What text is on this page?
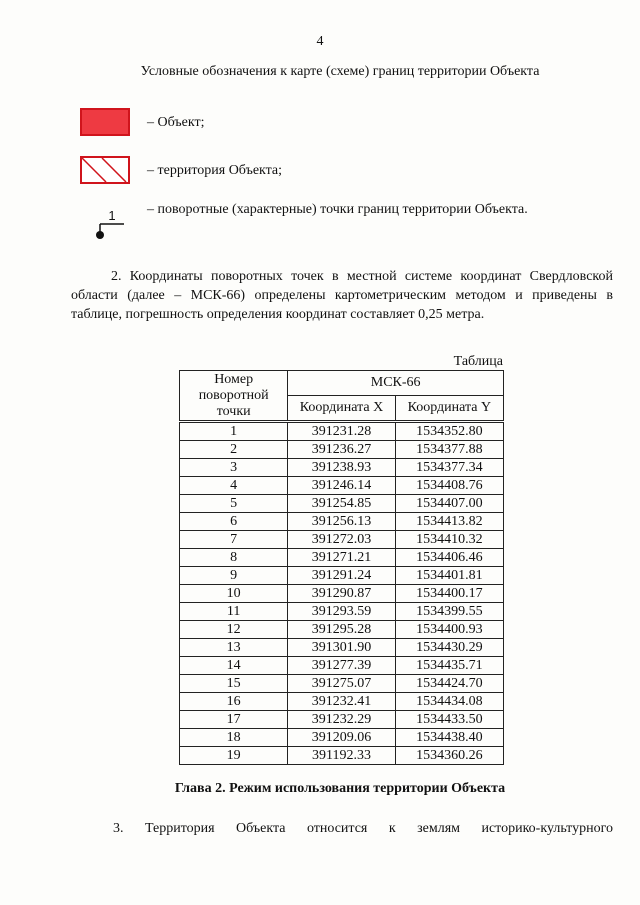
4
Условные обозначения к карте (схеме) границ территории Объекта
– Объект;
– территория Объекта;
1 – поворотные (характерные) точки границ территории Объекта.
2. Координаты поворотных точек в местной системе координат Свердловской области (далее – МСК-66) определены картометрическим методом и приведены в таблице, погрешность определения координат составляет 0,25 метра.
Таблица
Номер поворотной точки	МСК-66	
	Координата X	Координата Y
1	391231.28	1534352.80
2	391236.27	1534377.88
3	391238.93	1534377.34
4	391246.14	1534408.76
5	391254.85	1534407.00
6	391256.13	1534413.82
7	391272.03	1534410.32
8	391271.21	1534406.46
9	391291.24	1534401.81
10	391290.87	1534400.17
11	391293.59	1534399.55
12	391295.28	1534400.93
13	391301.90	1534430.29
14	391277.39	1534435.71
15	391275.07	1534424.70
16	391232.41	1534434.08
17	391232.29	1534433.50
18	391209.06	1534438.40
19	391192.33	1534360.26
Глава 2. Режим использования территории Объекта
3. Территория Объекта относится к землям историко-культурного
